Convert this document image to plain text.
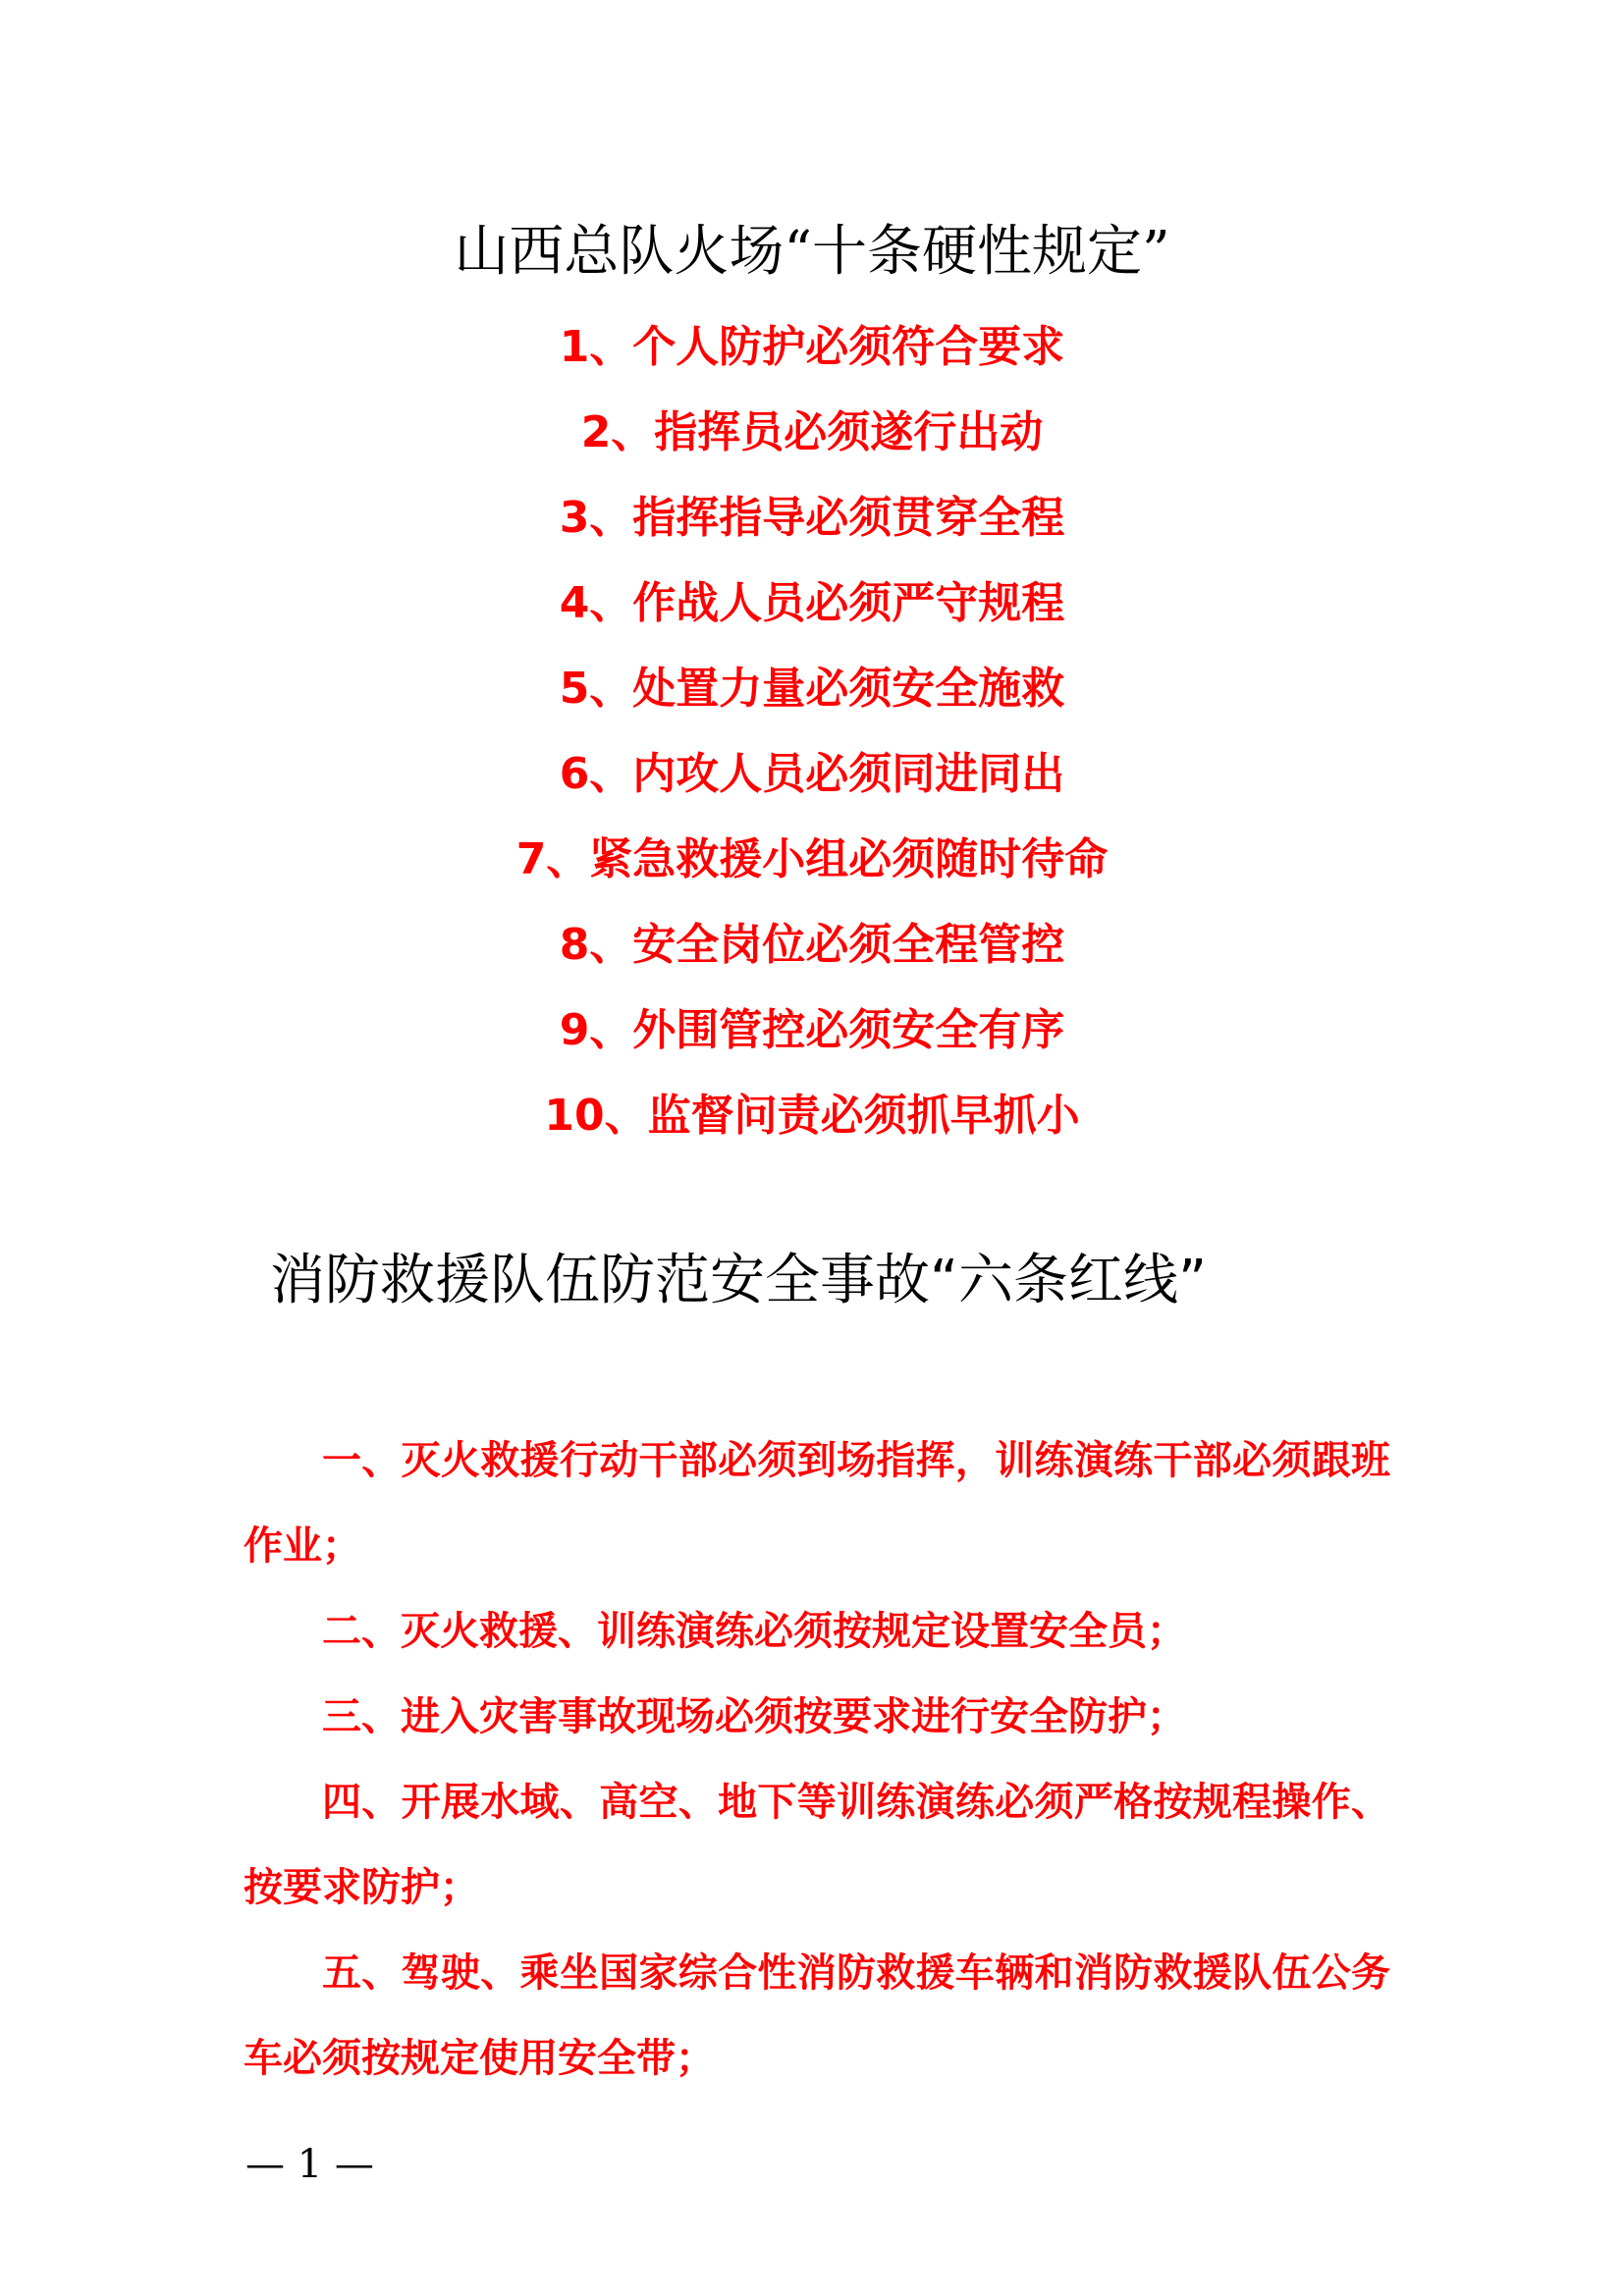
山西总队火场“十条硬性规定”
1、个人防护必须符合要求
2、指挥员必须遂行出动
3、指挥指导必须贯穿全程
4、作战人员必须严守规程
5、处置力量必须安全施救
6、内攻人员必须同进同出
7、紧急救援小组必须随时待命
8、安全岗位必须全程管控
9、外围管控必须安全有序
10、监督问责必须抓早抓小
消防救援队伍防范安全事故“六条红线”

一、灭火救援行动干部必须到场指挥，训练演练干部必须跟班作业；

二、灭火救援、训练演练必须按规定设置安全员；

三、进入灾害事故现场必须按要求进行安全防护；

四、开展水域、高空、地下等训练演练必须严格按规程操作、按要求防护；

五、驾驶、乘坐国家综合性消防救援车辆和消防救援队伍公务车必须按规定使用安全带；

— 1 —
